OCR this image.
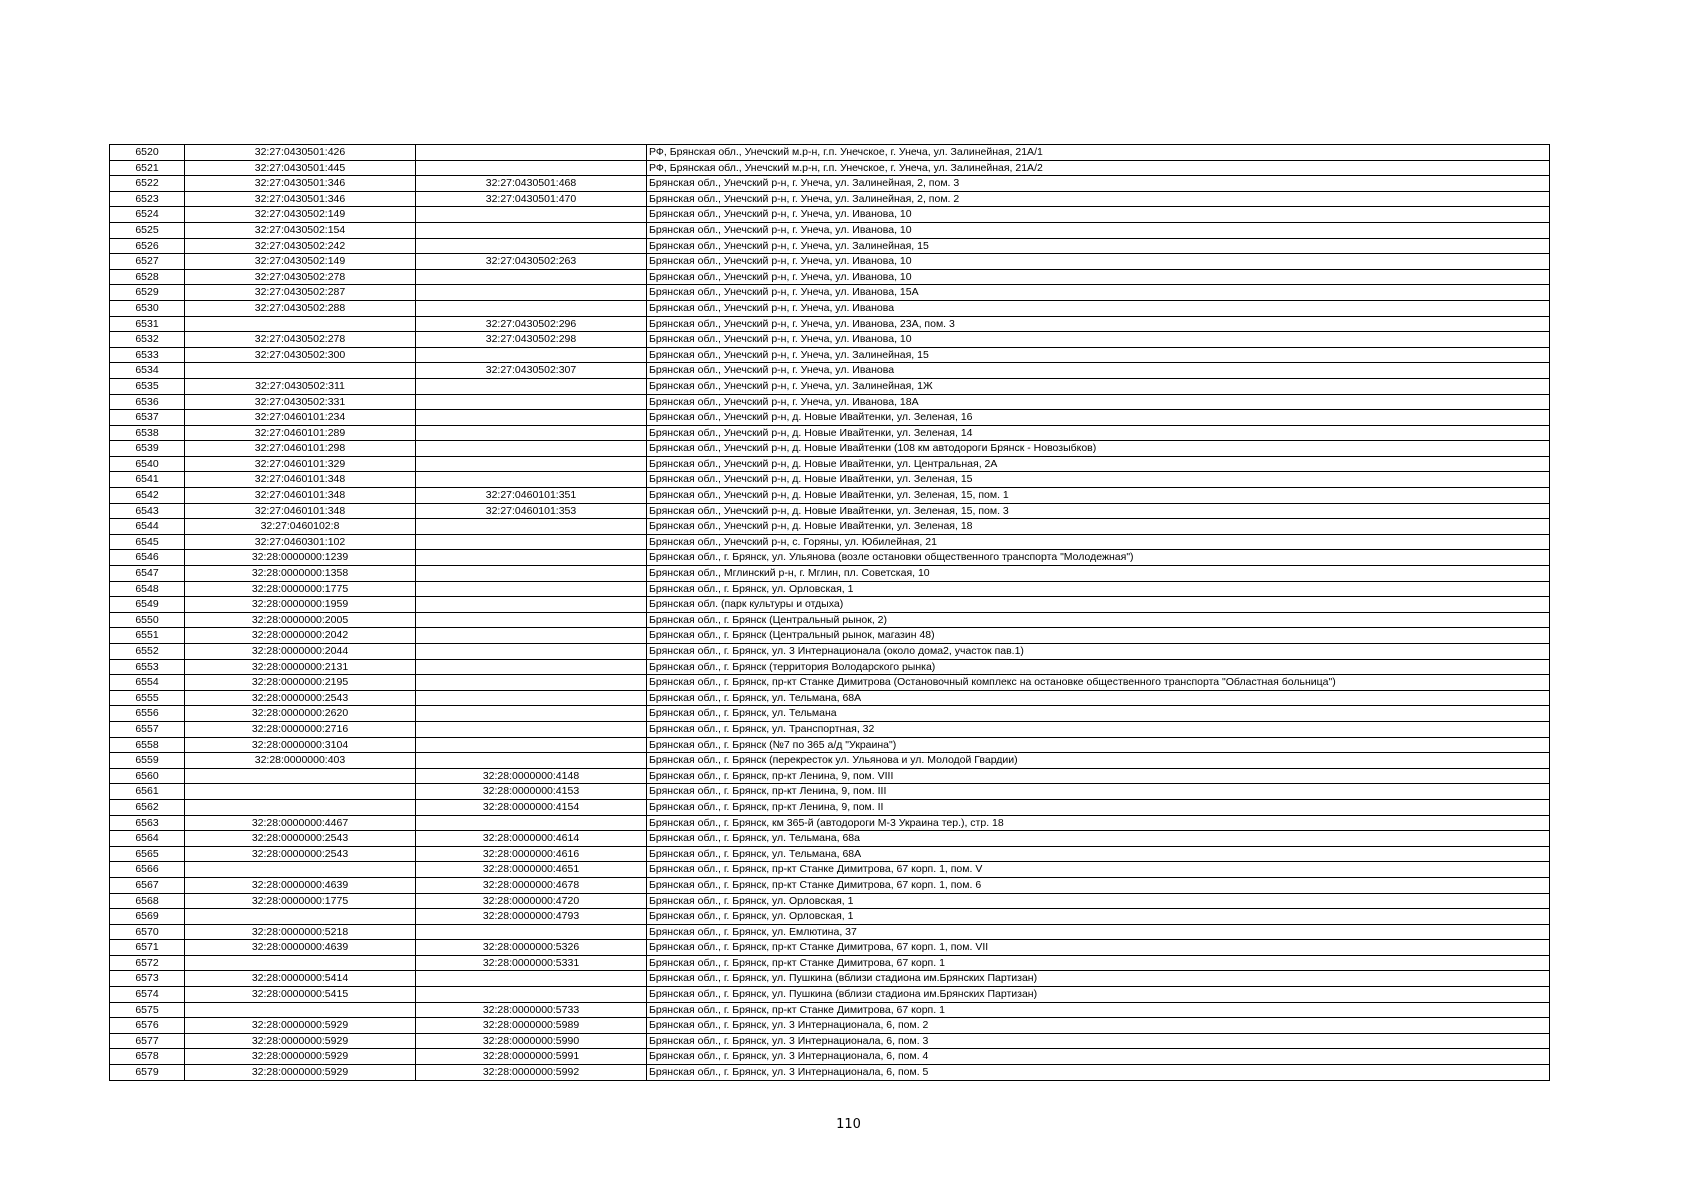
6520	32:27:0430501:426		РФ, Брянская обл., Унечский м.р-н, г.п. Унечское, г. Унеча, ул. Залинейная, 21А/1
6521	32:27:0430501:445		РФ, Брянская обл., Унечский м.р-н, г.п. Унечское, г. Унеча, ул. Залинейная, 21А/2
6522	32:27:0430501:346	32:27:0430501:468	Брянская обл., Унечский р-н, г. Унеча, ул. Залинейная, 2, пом. 3
6523	32:27:0430501:346	32:27:0430501:470	Брянская обл., Унечский р-н, г. Унеча, ул. Залинейная, 2, пом. 2
6524	32:27:0430502:149		Брянская обл., Унечский р-н, г. Унеча, ул. Иванова, 10
6525	32:27:0430502:154		Брянская обл., Унечский р-н, г. Унеча, ул. Иванова, 10
6526	32:27:0430502:242		Брянская обл., Унечский р-н, г. Унеча, ул. Залинейная, 15
6527	32:27:0430502:149	32:27:0430502:263	Брянская обл., Унечский р-н, г. Унеча, ул. Иванова, 10
6528	32:27:0430502:278		Брянская обл., Унечский р-н, г. Унеча, ул. Иванова, 10
6529	32:27:0430502:287		Брянская обл., Унечский р-н, г. Унеча, ул. Иванова, 15А
6530	32:27:0430502:288		Брянская обл., Унечский р-н, г. Унеча, ул. Иванова
6531		32:27:0430502:296	Брянская обл., Унечский р-н, г. Унеча, ул. Иванова, 23А, пом. 3
6532	32:27:0430502:278	32:27:0430502:298	Брянская обл., Унечский р-н, г. Унеча, ул. Иванова, 10
6533	32:27:0430502:300		Брянская обл., Унечский р-н, г. Унеча, ул. Залинейная, 15
6534		32:27:0430502:307	Брянская обл., Унечский р-н, г. Унеча, ул. Иванова
6535	32:27:0430502:311		Брянская обл., Унечский р-н, г. Унеча, ул. Залинейная, 1Ж
6536	32:27:0430502:331		Брянская обл., Унечский р-н, г. Унеча, ул. Иванова, 18А
6537	32:27:0460101:234		Брянская обл., Унечский р-н, д. Новые Ивайтенки, ул. Зеленая, 16
6538	32:27:0460101:289		Брянская обл., Унечский р-н, д. Новые Ивайтенки, ул. Зеленая, 14
6539	32:27:0460101:298		Брянская обл., Унечский р-н, д. Новые Ивайтенки (108 км автодороги Брянск - Новозыбков)
6540	32:27:0460101:329		Брянская обл., Унечский р-н, д. Новые Ивайтенки, ул. Центральная, 2А
6541	32:27:0460101:348		Брянская обл., Унечский р-н, д. Новые Ивайтенки, ул. Зеленая, 15
6542	32:27:0460101:348	32:27:0460101:351	Брянская обл., Унечский р-н, д. Новые Ивайтенки, ул. Зеленая, 15, пом. 1
6543	32:27:0460101:348	32:27:0460101:353	Брянская обл., Унечский р-н, д. Новые Ивайтенки, ул. Зеленая, 15, пом. 3
6544	32:27:0460102:8		Брянская обл., Унечский р-н, д. Новые Ивайтенки, ул. Зеленая, 18
6545	32:27:0460301:102		Брянская обл., Унечский р-н, с. Горяны, ул. Юбилейная, 21
6546	32:28:0000000:1239		Брянская обл., г. Брянск, ул. Ульянова (возле остановки общественного транспорта "Молодежная")
6547	32:28:0000000:1358		Брянская обл., Мглинский р-н, г. Мглин, пл. Советская, 10
6548	32:28:0000000:1775		Брянская обл., г. Брянск, ул. Орловская, 1
6549	32:28:0000000:1959		Брянская обл. (парк культуры и отдыха)
6550	32:28:0000000:2005		Брянская обл., г. Брянск (Центральный рынок, 2)
6551	32:28:0000000:2042		Брянская обл., г. Брянск (Центральный рынок, магазин 48)
6552	32:28:0000000:2044		Брянская обл., г. Брянск, ул. 3 Интернационала (около дома2, участок пав.1)
6553	32:28:0000000:2131		Брянская обл., г. Брянск (территория Володарского рынка)
6554	32:28:0000000:2195		Брянская обл., г. Брянск, пр-кт Станке Димитрова (Остановочный комплекс на остановке общественного транспорта "Областная больница")
6555	32:28:0000000:2543		Брянская обл., г. Брянск, ул. Тельмана, 68А
6556	32:28:0000000:2620		Брянская обл., г. Брянск, ул. Тельмана
6557	32:28:0000000:2716		Брянская обл., г. Брянск, ул. Транспортная, 32
6558	32:28:0000000:3104		Брянская обл., г. Брянск (№7 по 365 а/д "Украина")
6559	32:28:0000000:403		Брянская обл., г. Брянск (перекресток ул. Ульянова и ул. Молодой Гвардии)
6560		32:28:0000000:4148	Брянская обл., г. Брянск, пр-кт Ленина, 9, пом. VIII
6561		32:28:0000000:4153	Брянская обл., г. Брянск, пр-кт Ленина, 9, пом. III
6562		32:28:0000000:4154	Брянская обл., г. Брянск, пр-кт Ленина, 9, пом. II
6563	32:28:0000000:4467		Брянская обл., г. Брянск, км 365-й (автодороги М-3 Украина тер.), стр. 18
6564	32:28:0000000:2543	32:28:0000000:4614	Брянская обл., г. Брянск, ул. Тельмана, 68а
6565	32:28:0000000:2543	32:28:0000000:4616	Брянская обл., г. Брянск, ул. Тельмана, 68А
6566		32:28:0000000:4651	Брянская обл., г. Брянск, пр-кт Станке Димитрова, 67 корп. 1, пом. V
6567	32:28:0000000:4639	32:28:0000000:4678	Брянская обл., г. Брянск, пр-кт Станке Димитрова, 67 корп. 1, пом. 6
6568	32:28:0000000:1775	32:28:0000000:4720	Брянская обл., г. Брянск, ул. Орловская, 1
6569		32:28:0000000:4793	Брянская обл., г. Брянск, ул. Орловская, 1
6570	32:28:0000000:5218		Брянская обл., г. Брянск, ул. Емлютина, 37
6571	32:28:0000000:4639	32:28:0000000:5326	Брянская обл., г. Брянск, пр-кт Станке Димитрова, 67 корп. 1, пом. VII
6572		32:28:0000000:5331	Брянская обл., г. Брянск, пр-кт Станке Димитрова, 67 корп. 1
6573	32:28:0000000:5414		Брянская обл., г. Брянск, ул. Пушкина (вблизи стадиона им.Брянских Партизан)
6574	32:28:0000000:5415		Брянская обл., г. Брянск, ул. Пушкина (вблизи стадиона им.Брянских Партизан)
6575		32:28:0000000:5733	Брянская обл., г. Брянск, пр-кт Станке Димитрова, 67 корп. 1
6576	32:28:0000000:5929	32:28:0000000:5989	Брянская обл., г. Брянск, ул. 3 Интернационала, 6, пом. 2
6577	32:28:0000000:5929	32:28:0000000:5990	Брянская обл., г. Брянск, ул. 3 Интернационала, 6, пом. 3
6578	32:28:0000000:5929	32:28:0000000:5991	Брянская обл., г. Брянск, ул. 3 Интернационала, 6, пом. 4
6579	32:28:0000000:5929	32:28:0000000:5992	Брянская обл., г. Брянск, ул. 3 Интернационала, 6, пом. 5
110
